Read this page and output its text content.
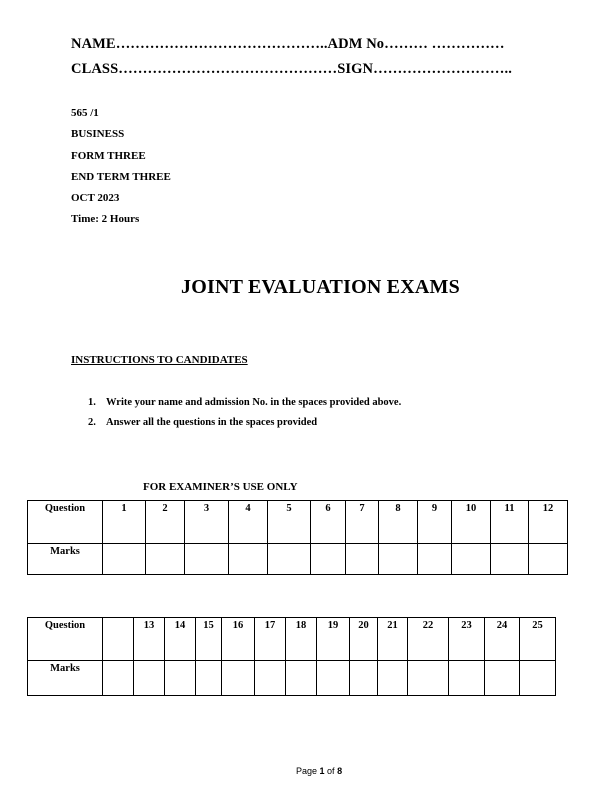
NAME……………………………………..ADM No……… ……………
CLASS………………………………………SIGN………………………..
565 /1
BUSINESS
FORM THREE
END TERM THREE
OCT 2023
Time: 2 Hours
JOINT EVALUATION EXAMS
INSTRUCTIONS TO CANDIDATES
1. Write your name and admission No. in the spaces provided above.
2. Answer all the questions in the spaces provided
FOR EXAMINER’S USE ONLY
Question	1	2	3	4	5	6	7	8	9	10	11	12
Marks												
Question		13	14	15	16	17	18	19	20	21	22	23	24	25
Marks														
Page 1 of 8
